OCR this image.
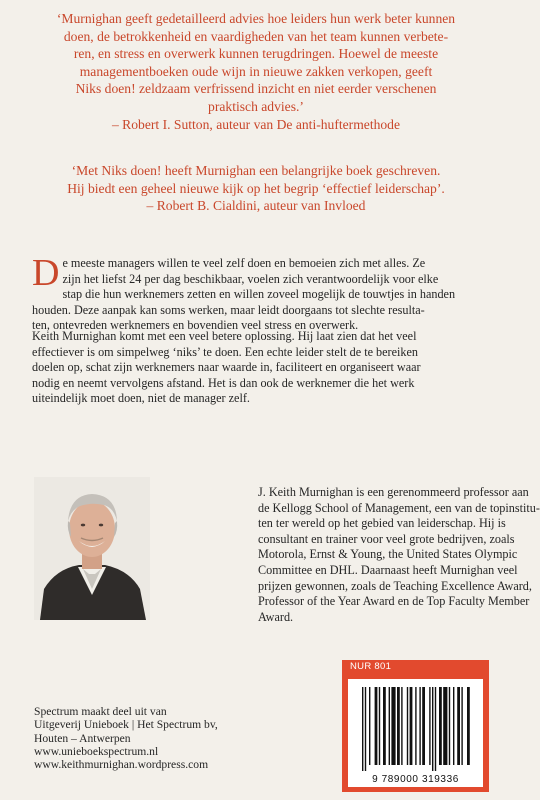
‘Murnighan geeft gedetailleerd advies hoe leiders hun werk beter kunnen
doen, de betrokkenheid en vaardigheden van het team kunnen verbete-
ren, en stress en overwerk kunnen terugdringen. Hoewel de meeste
managementboeken oude wijn in nieuwe zakken verkopen, geeft
Niks doen! zeldzaam verfrissend inzicht en niet eerder verschenen
praktisch advies.’
– Robert I. Sutton, auteur van De anti-huftermethode
‘Met Niks doen! heeft Murnighan een belangrijke boek geschreven.
Hij biedt een geheel nieuwe kijk op het begrip ‘effectief leiderschap’.
– Robert B. Cialdini, auteur van Invloed
D e meeste managers willen te veel zelf doen en bemoeien zich met alles. Ze
zijn het liefst 24 per dag beschikbaar, voelen zich verantwoordelijk voor elke
stap die hun werknemers zetten en willen zoveel mogelijk de touwtjes in handen
houden. Deze aanpak kan soms werken, maar leidt doorgaans tot slechte resulta-
ten, ontevreden werknemers en bovendien veel stress en overwerk.
Keith Murnighan komt met een veel betere oplossing. Hij laat zien dat het veel
effectiever is om simpelweg ‘niks’ te doen. Een echte leider stelt de te bereiken
doelen op, schat zijn werknemers naar waarde in, faciliteert en organiseert waar
nodig en neemt vervolgens afstand. Het is dan ook de werknemer die het werk
uiteindelijk moet doen, niet de manager zelf.
J. Keith Murnighan is een gerenommeerd professor aan
de Kellogg School of Management, een van de topinstitu-
ten ter wereld op het gebied van leiderschap. Hij is
consultant en trainer voor veel grote bedrijven, zoals
Motorola, Ernst & Young, the United States Olympic
Committee en DHL. Daarnaast heeft Murnighan veel
prijzen gewonnen, zoals de Teaching Excellence Award,
Professor of the Year Award en de Top Faculty Member
Award.
NUR 801
9 789000 319336
Spectrum maakt deel uit van
Uitgeverij Unieboek | Het Spectrum bv,
Houten – Antwerpen
www.unieboekspectrum.nl
www.keithmurnighan.wordpress.com
